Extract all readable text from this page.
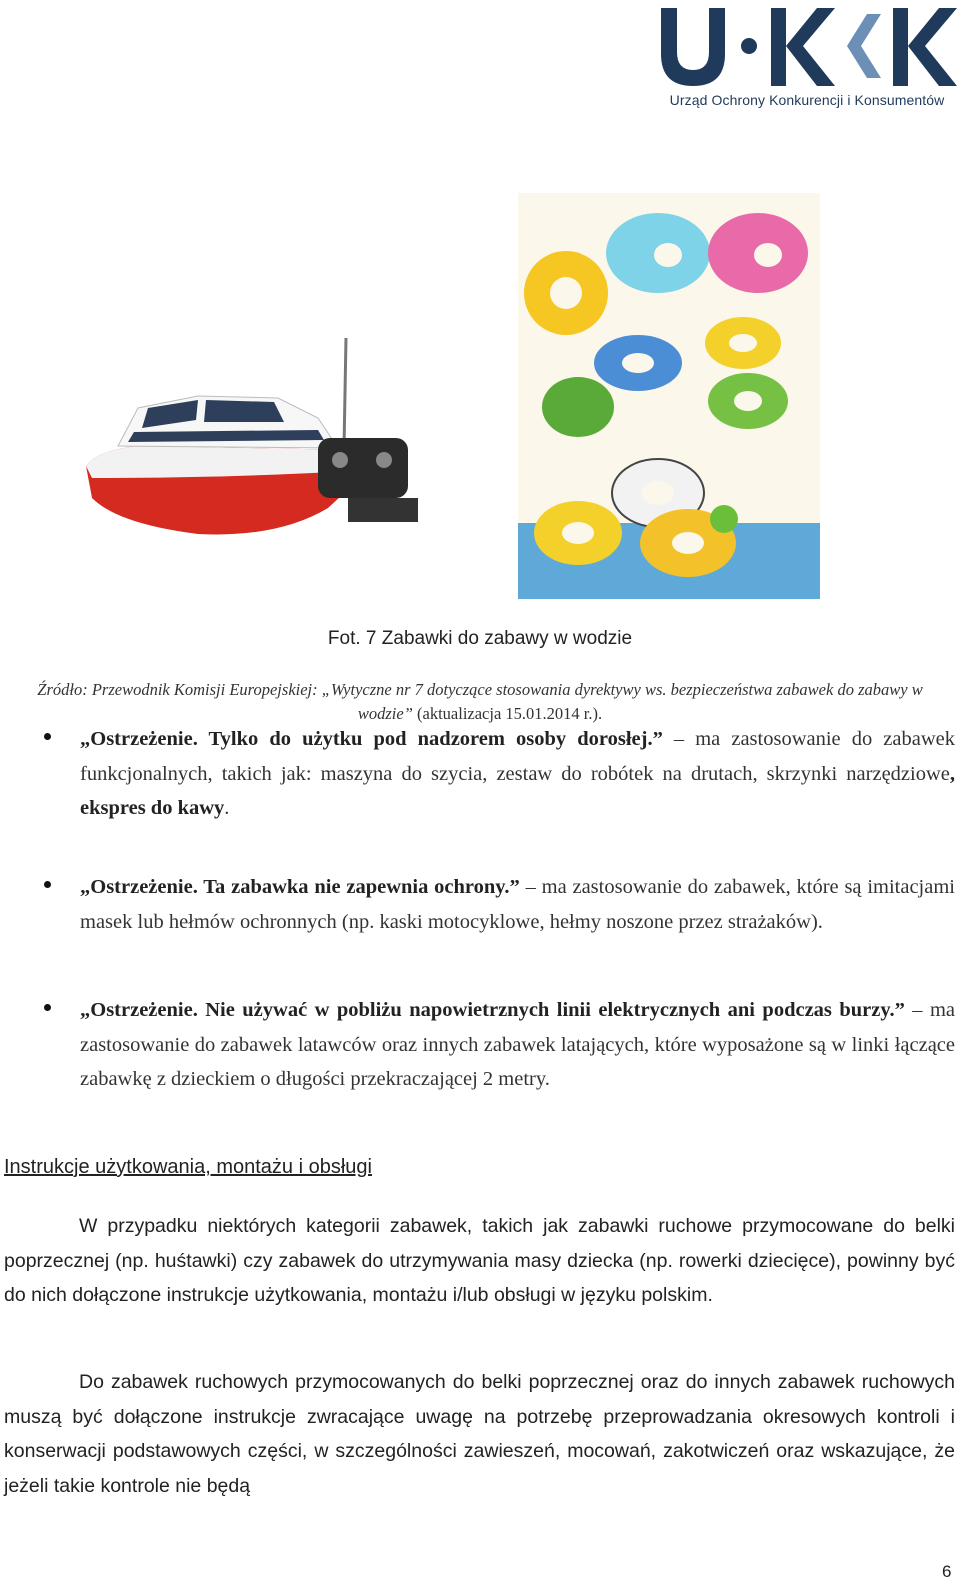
Urząd Ochrony Konkurencji i Konsumentów
Fot. 7 Zabawki do zabawy w wodzie
Źródło: Przewodnik Komisji Europejskiej: „Wytyczne nr 7 dotyczące stosowania dyrektywy ws. bezpieczeństwa zabawek do zabawy w wodzie” (aktualizacja 15.01.2014 r.).
„Ostrzeżenie. Tylko do użytku pod nadzorem osoby dorosłej.” – ma zastosowanie do zabawek funkcjonalnych, takich jak: maszyna do szycia, zestaw do robótek na drutach, skrzynki narzędziowe, ekspres do kawy.
„Ostrzeżenie. Ta zabawka nie zapewnia ochrony.” – ma zastosowanie do zabawek, które są imitacjami masek lub hełmów ochronnych (np. kaski motocyklowe, hełmy noszone przez strażaków).
„Ostrzeżenie. Nie używać w pobliżu napowietrznych linii elektrycznych ani podczas burzy.” – ma zastosowanie do zabawek latawców oraz innych zabawek latających, które wyposażone są w linki łączące zabawkę z dzieckiem o długości przekraczającej 2 metry.
Instrukcje użytkowania, montażu i obsługi
W przypadku niektórych kategorii zabawek, takich jak zabawki ruchowe przymocowane do belki poprzecznej (np. huśtawki) czy zabawek do utrzymywania masy dziecka (np. rowerki dziecięce), powinny być do nich dołączone instrukcje użytkowania, montażu i/lub obsługi w języku polskim.
Do zabawek ruchowych przymocowanych do belki poprzecznej oraz do innych zabawek ruchowych muszą być dołączone instrukcje zwracające uwagę na potrzebę przeprowadzania okresowych kontroli i konserwacji podstawowych części, w szczególności zawieszeń, mocowań, zakotwiczeń oraz wskazujące, że jeżeli takie kontrole nie będą
6
